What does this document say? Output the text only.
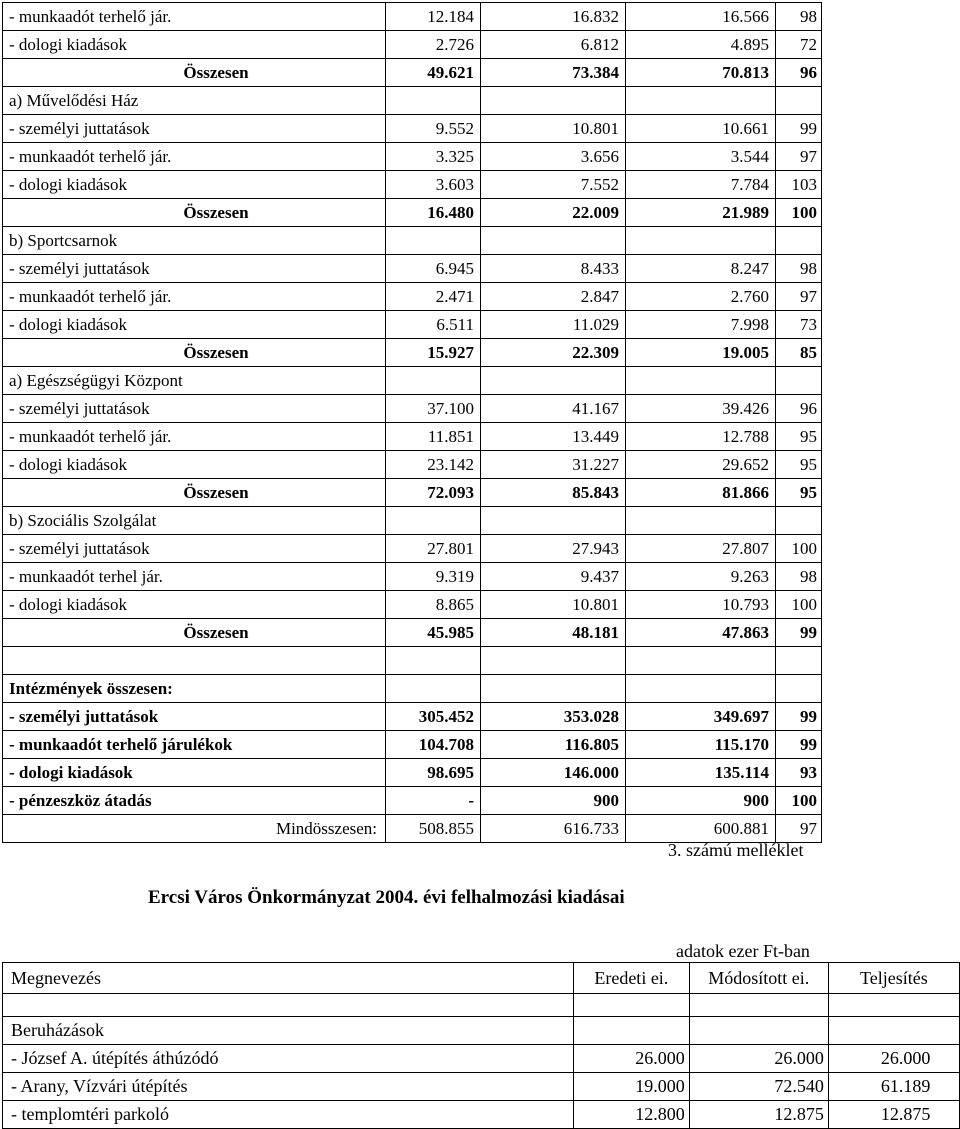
- munkaadót terhelő jár.	12.184	16.832	16.566	98
- dologi kiadások	2.726	6.812	4.895	72
Összesen	49.621	73.384	70.813	96
a) Művelődési Ház				
- személyi juttatások	9.552	10.801	10.661	99
- munkaadót terhelő jár.	3.325	3.656	3.544	97
- dologi kiadások	3.603	7.552	7.784	103
Összesen	16.480	22.009	21.989	100
b) Sportcsarnok				
- személyi juttatások	6.945	8.433	8.247	98
- munkaadót terhelő jár.	2.471	2.847	2.760	97
- dologi kiadások	6.511	11.029	7.998	73
Összesen	15.927	22.309	19.005	85
a) Egészségügyi Központ				
- személyi juttatások	37.100	41.167	39.426	96
- munkaadót terhelő jár.	11.851	13.449	12.788	95
- dologi kiadások	23.142	31.227	29.652	95
Összesen	72.093	85.843	81.866	95
b) Szociális Szolgálat				
- személyi juttatások	27.801	27.943	27.807	100
- munkaadót terhel jár.	9.319	9.437	9.263	98
- dologi kiadások	8.865	10.801	10.793	100
Összesen	45.985	48.181	47.863	99

Intézmények összesen:				
- személyi juttatások	305.452	353.028	349.697	99
- munkaadót terhelő járulékok	104.708	116.805	115.170	99
- dologi kiadások	98.695	146.000	135.114	93
- pénzeszköz átadás	-	900	900	100
Mindösszesen:	508.855	616.733	600.881	97
3. számú melléklet
Ercsi Város Önkormányzat 2004. évi felhalmozási kiadásai
adatok ezer Ft-ban
Megnevezés	Eredeti ei.	Módosított ei.	Teljesítés

Beruházások			
- József A. útépítés áthúzódó	26.000	26.000	26.000
- Arany, Vízvári útépítés	19.000	72.540	61.189
- templomtéri parkoló	12.800	12.875	12.875
